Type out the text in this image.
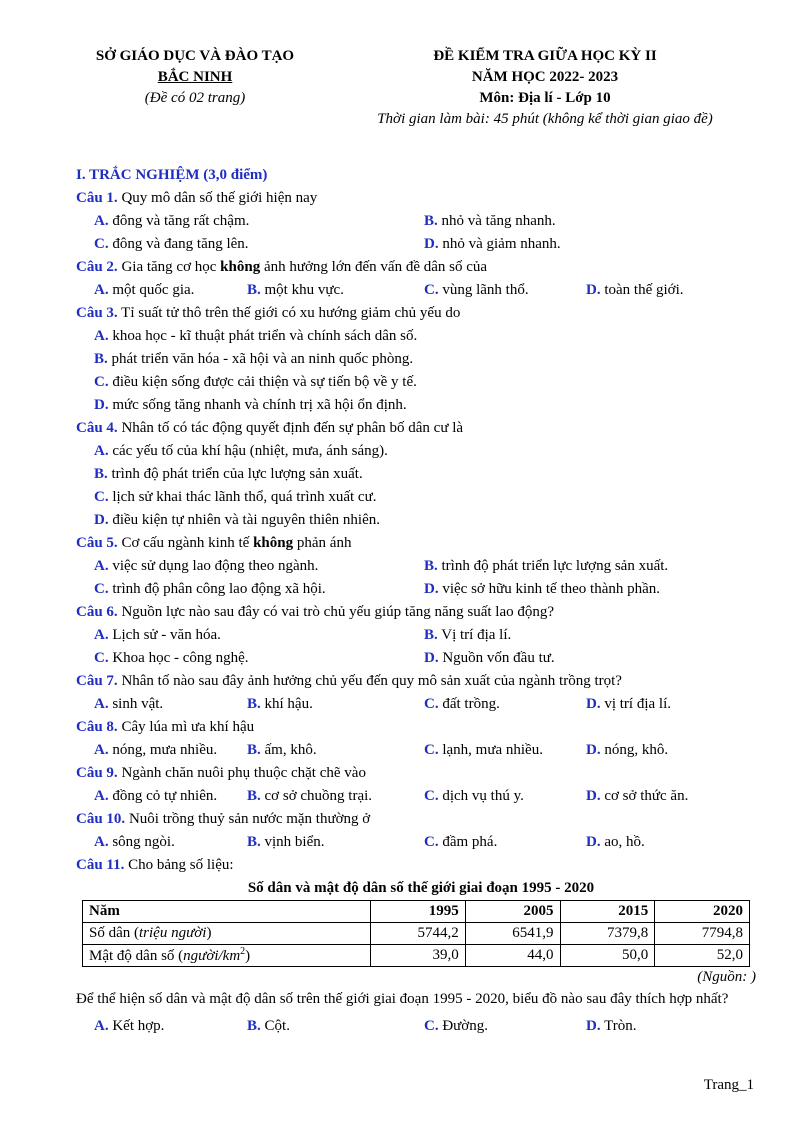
SỞ GIÁO DỤC VÀ ĐÀO TẠO
BẮC NINH
(Đề có 02 trang)
ĐỀ KIỂM TRA GIỮA HỌC KỲ II
NĂM HỌC 2022- 2023
Môn: Địa lí - Lớp 10
Thời gian làm bài: 45 phút (không kể thời gian giao đề)
I. TRẮC NGHIỆM (3,0 điểm)
Câu 1. Quy mô dân số thế giới hiện nay
A. đông và tăng rất chậm.	B. nhỏ và tăng nhanh.
C. đông và đang tăng lên.	D. nhỏ và giảm nhanh.
Câu 2. Gia tăng cơ học không ảnh hưởng lớn đến vấn đề dân số của
A. một quốc gia.	B. một khu vực.	C. vùng lãnh thổ.	D. toàn thế giới.
Câu 3. Tỉ suất tử thô trên thế giới có xu hướng giảm chủ yếu do
A. khoa học - kĩ thuật phát triển và chính sách dân số.
B. phát triển văn hóa - xã hội và an ninh quốc phòng.
C. điều kiện sống được cải thiện và sự tiến bộ về y tế.
D. mức sống tăng nhanh và chính trị xã hội ổn định.
Câu 4. Nhân tố có tác động quyết định đến sự phân bố dân cư là
A. các yếu tố của khí hậu (nhiệt, mưa, ánh sáng).
B. trình độ phát triển của lực lượng sản xuất.
C. lịch sử khai thác lãnh thổ, quá trình xuất cư.
D. điều kiện tự nhiên và tài nguyên thiên nhiên.
Câu 5. Cơ cấu ngành kinh tế không phản ánh
A. việc sử dụng lao động theo ngành.	B. trình độ phát triển lực lượng sản xuất.
C. trình độ phân công lao động xã hội.	D. việc sở hữu kinh tế theo thành phần.
Câu 6. Nguồn lực nào sau đây có vai trò chủ yếu giúp tăng năng suất lao động?
A. Lịch sử - văn hóa.	B. Vị trí địa lí.
C. Khoa học - công nghệ.	D. Nguồn vốn đầu tư.
Câu 7. Nhân tố nào sau đây ảnh hưởng chủ yếu đến quy mô sản xuất của ngành trồng trọt?
A. sinh vật.	B. khí hậu.	C. đất trồng.	D. vị trí địa lí.
Câu 8. Cây lúa mì ưa khí hậu
A. nóng, mưa nhiều. B. ấm, khô.	C. lạnh, mưa nhiều.	D. nóng, khô.
Câu 9. Ngành chăn nuôi phụ thuộc chặt chẽ vào
A. đồng cỏ tự nhiên. B. cơ sở chuồng trại.	C. dịch vụ thú y.	D. cơ sở thức ăn.
Câu 10. Nuôi trồng thuỷ sản nước mặn thường ở
A. sông ngòi.	B. vịnh biển.	C. đầm phá.	D. ao, hồ.
Câu 11. Cho bảng số liệu:
Số dân và mật độ dân số thế giới giai đoạn 1995 - 2020
Năm	1995	2005	2015	2020
Số dân (triệu người)	5744,2	6541,9	7379,8	7794,8
Mật độ dân số $(người/km^2)$	39,0	44,0	50,0	52,0
(Nguồn: )
Để thể hiện số dân và mật độ dân số trên thế giới giai đoạn 1995 - 2020, biểu đồ nào sau đây thích hợp nhất?
A. Kết hợp.	B. Cột.	C. Đường.	D. Tròn.
Trang_1
